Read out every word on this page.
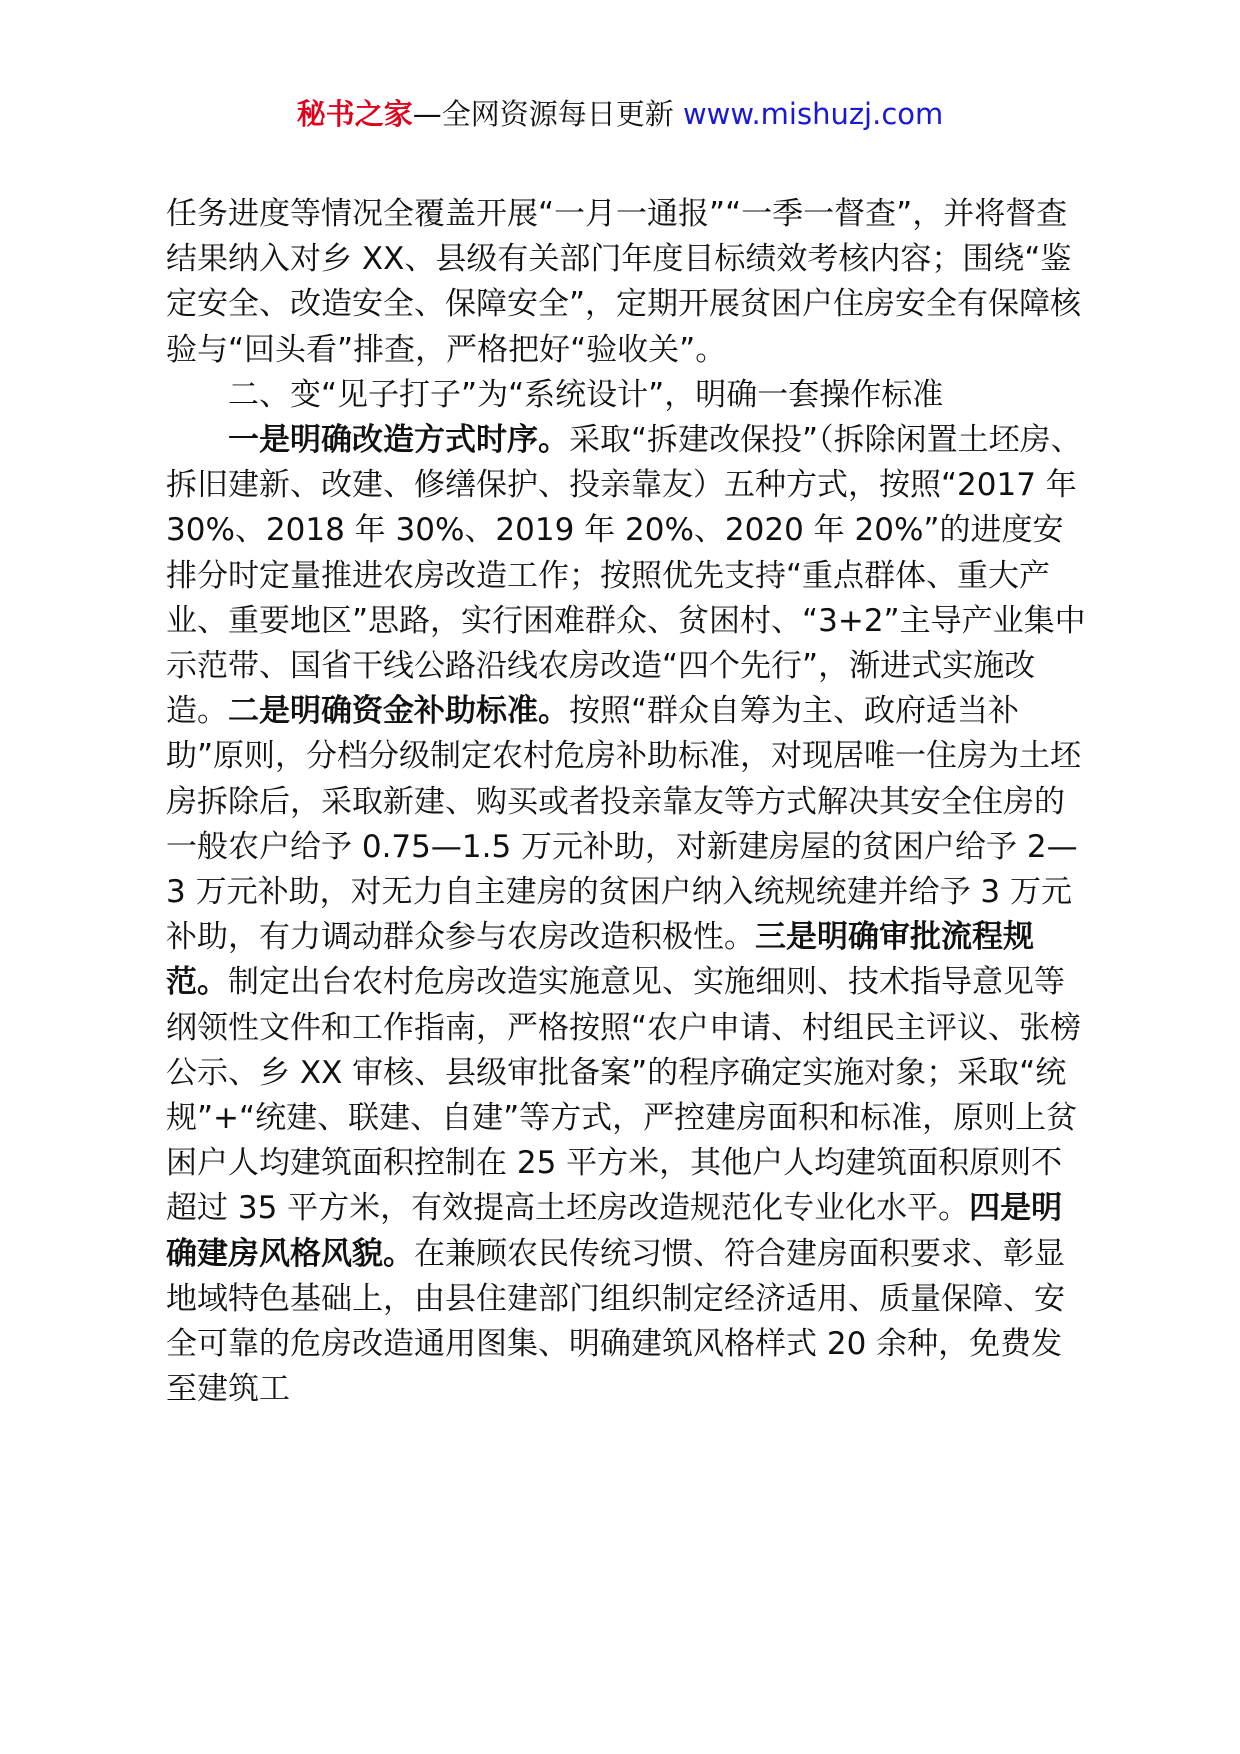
秘书之家—全网资源每日更新 www.mishuzj.com

任务进度等情况全覆盖开展“一月一通报”“一季一督查”，并将督查结果纳入对乡 XX、县级有关部门年度目标绩效考核内容；围绕“鉴定安全、改造安全、保障安全”，定期开展贫困户住房安全有保障核验与“回头看”排查，严格把好“验收关”。

二、变“见子打子”为“系统设计”，明确一套操作标准

一是明确改造方式时序。采取“拆建改保投”（拆除闲置土坯房、拆旧建新、改建、修缮保护、投亲靠友）五种方式，按照“2017 年 30%、2018 年 30%、2019 年 20%、2020 年 20%”的进度安排分时定量推进农房改造工作；按照优先支持“重点群体、重大产业、重要地区”思路，实行困难群众、贫困村、“3+2”主导产业集中示范带、国省干线公路沿线农房改造“四个先行”，渐进式实施改造。二是明确资金补助标准。按照“群众自筹为主、政府适当补助”原则，分档分级制定农村危房补助标准，对现居唯一住房为土坯房拆除后，采取新建、购买或者投亲靠友等方式解决其安全住房的一般农户给予 0.75—1.5 万元补助，对新建房屋的贫困户给予 2—3 万元补助，对无力自主建房的贫困户纳入统规统建并给予 3 万元补助，有力调动群众参与农房改造积极性。三是明确审批流程规范。制定出台农村危房改造实施意见、实施细则、技术指导意见等纲领性文件和工作指南，严格按照“农户申请、村组民主评议、张榜公示、乡 XX 审核、县级审批备案”的程序确定实施对象；采取“统规”+“统建、联建、自建”等方式，严控建房面积和标准，原则上贫困户人均建筑面积控制在 25 平方米，其他户人均建筑面积原则不超过 35 平方米，有效提高土坯房改造规范化专业化水平。四是明确建房风格风貌。在兼顾农民传统习惯、符合建房面积要求、彰显地域特色基础上，由县住建部门组织制定经济适用、质量保障、安全可靠的危房改造通用图集、明确建筑风格样式 20 余种，免费发至建筑工
